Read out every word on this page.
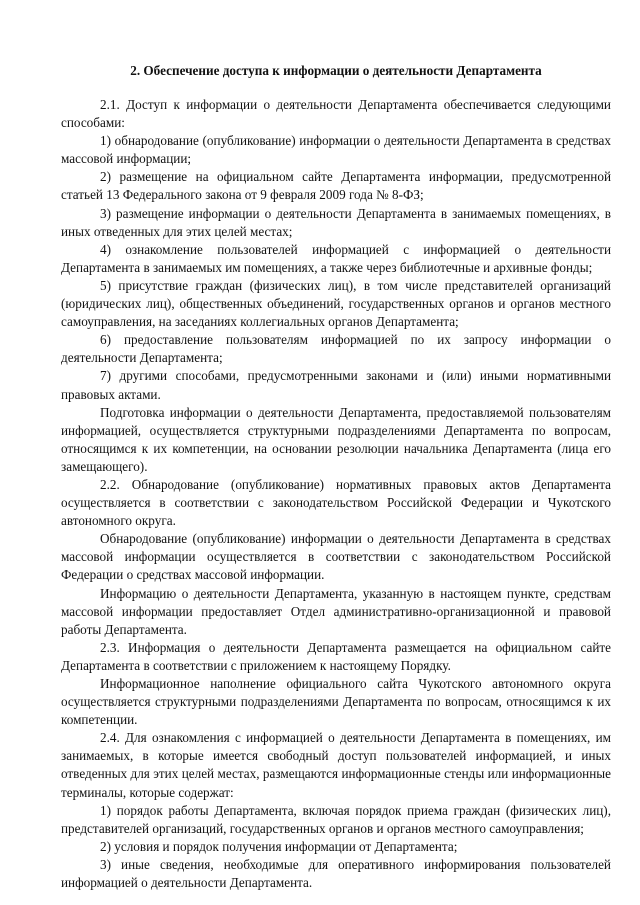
2. Обеспечение доступа к информации о деятельности Департамента

2.1. Доступ к информации о деятельности Департамента обеспечивается следующими способами:

1) обнародование (опубликование) информации о деятельности Департамента в средствах массовой информации;

2) размещение на официальном сайте Департамента информации, предусмотренной статьей 13 Федерального закона от 9 февраля 2009 года № 8-ФЗ;

3) размещение информации о деятельности Департамента в занимаемых помещениях, в иных отведенных для этих целей местах;

4) ознакомление пользователей информацией с информацией о деятельности Департамента в занимаемых им помещениях, а также через библиотечные и архивные фонды;

5) присутствие граждан (физических лиц), в том числе представителей организаций (юридических лиц), общественных объединений, государственных органов и органов местного самоуправления, на заседаниях коллегиальных органов Департамента;

6) предоставление пользователям информацией по их запросу информации о деятельности Департамента;

7) другими способами, предусмотренными законами и (или) иными нормативными правовых актами.

Подготовка информации о деятельности Департамента, предоставляемой пользователям информацией, осуществляется структурными подразделениями Департамента по вопросам, относящимся к их компетенции, на основании резолюции начальника Департамента (лица его замещающего).

2.2. Обнародование (опубликование) нормативных правовых актов Департамента осуществляется в соответствии с законодательством Российской Федерации и Чукотского автономного округа.

Обнародование (опубликование) информации о деятельности Департамента в средствах массовой информации осуществляется в соответствии с законодательством Российской Федерации о средствах массовой информации.

Информацию о деятельности Департамента, указанную в настоящем пункте, средствам массовой информации предоставляет Отдел административно-организационной и правовой работы Департамента.

2.3. Информация о деятельности Департамента размещается на официальном сайте Департамента в соответствии с приложением к настоящему Порядку.

Информационное наполнение официального сайта Чукотского автономного округа осуществляется структурными подразделениями Департамента по вопросам, относящимся к их компетенции.

2.4. Для ознакомления с информацией о деятельности Департамента в помещениях, им занимаемых, в которые имеется свободный доступ пользователей информацией, и иных отведенных для этих целей местах, размещаются информационные стенды или информационные терминалы, которые содержат:

1) порядок работы Департамента, включая порядок приема граждан (физических лиц), представителей организаций, государственных органов и органов местного самоуправления;

2) условия и порядок получения информации от Департамента;

3) иные сведения, необходимые для оперативного информирования пользователей информацией о деятельности Департамента.
